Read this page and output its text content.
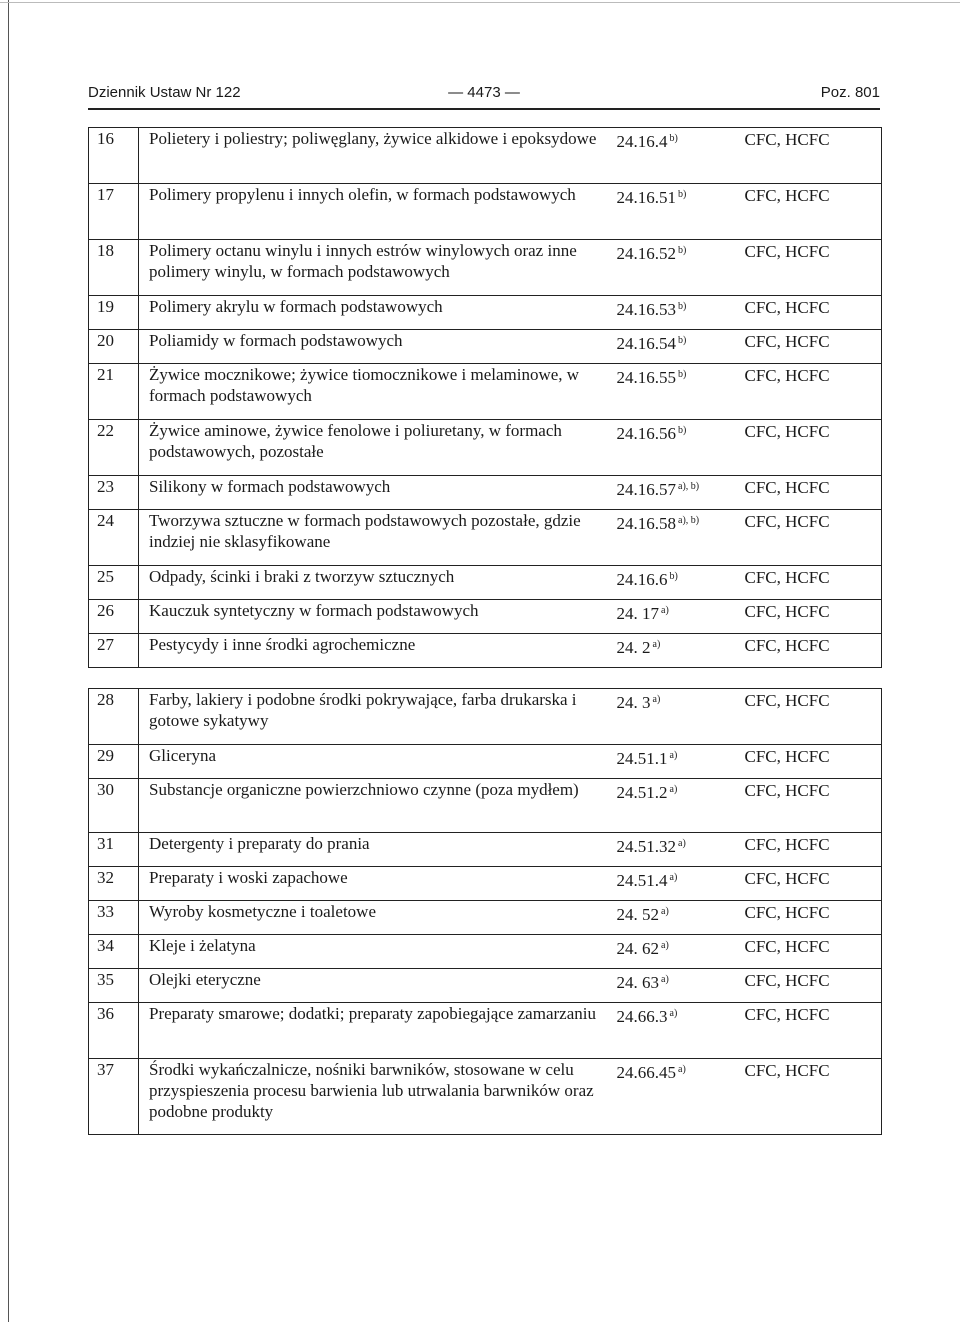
Dziennik Ustaw Nr 122	— 4473 —	Poz. 801
16	Polietery i poliestry; poliwęglany, żywice alkidowe i epoksydowe	24.16.4 $^{b)}$	CFC, HCFC
17	Polimery propylenu i innych olefin, w formach podstawowych	24.16.51 $^{b)}$	CFC, HCFC
18	Polimery octanu winylu i innych estrów winylowych oraz inne polimery winylu, w formach podstawowych	24.16.52 $^{b)}$	CFC, HCFC
19	Polimery akrylu w formach podstawowych	24.16.53 $^{b)}$	CFC, HCFC
20	Poliamidy w formach podstawowych	24.16.54 $^{b)}$	CFC, HCFC
21	Żywice mocznikowe; żywice tiomocznikowe i melaminowe, w formach podstawowych	24.16.55 $^{b)}$	CFC, HCFC
22	Żywice aminowe, żywice fenolowe i poliuretany, w formach podstawowych, pozostałe	24.16.56 $^{b)}$	CFC, HCFC
23	Silikony w formach podstawowych	24.16.57 $^{a), b)}$	CFC, HCFC
24	Tworzywa sztuczne w formach podstawowych pozostałe, gdzie indziej nie sklasyfikowane	24.16.58 $^{a), b)}$	CFC, HCFC
25	Odpady, ścinki i braki z tworzyw sztucznych	24.16.6 $^{b)}$	CFC, HCFC
26	Kauczuk syntetyczny w formach podstawowych	24. 17 $^{a)}$	CFC, HCFC
27	Pestycydy i inne środki agrochemiczne	24. 2 $^{a)}$	CFC, HCFC

28	Farby, lakiery i podobne środki pokrywające, farba drukarska i gotowe sykatywy	24. 3 $^{a)}$	CFC, HCFC
29	Gliceryna	24.51.1 $^{a)}$	CFC, HCFC
30	Substancje organiczne powierzchniowo czynne (poza mydłem)	24.51.2 $^{a)}$	CFC, HCFC
31	Detergenty i preparaty do prania	24.51.32 $^{a)}$	CFC, HCFC
32	Preparaty i woski zapachowe	24.51.4 $^{a)}$	CFC, HCFC
33	Wyroby kosmetyczne i toaletowe	24. 52 $^{a)}$	CFC, HCFC
34	Kleje i żelatyna	24. 62 $^{a)}$	CFC, HCFC
35	Olejki eteryczne	24. 63 $^{a)}$	CFC, HCFC
36	Preparaty smarowe; dodatki; preparaty zapobiegające zamarzaniu	24.66.3 $^{a)}$	CFC, HCFC
37	Środki wykańczalnicze, nośniki barwników, stosowane w celu przyspieszenia procesu barwienia lub utrwalania barwników oraz podobne produkty	24.66.45 $^{a)}$	CFC, HCFC
